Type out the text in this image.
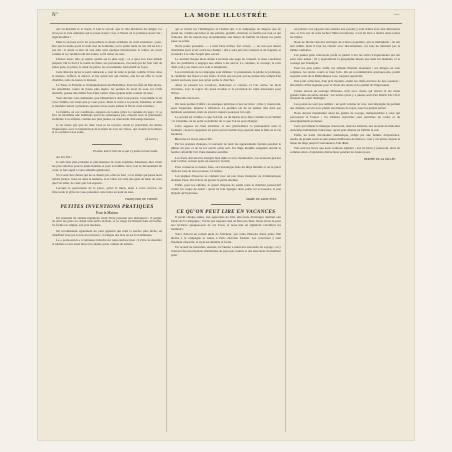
Nº	LA MODE ILLUSTRÉE	—

ont vu Roullier et le Saule, il faut le savoir, que le rôle méritoire du danger. Ce n'est pas la voie ordinaire qui le passé actuel, c'est, à l'heure où la prudence nous crie : réglé Roullier !

Mais le secours est le lot proposition, le mode ordinaire de cette assistance ; peut-être que la dame porte le nom réel de Galitzine, ou la petite tante de lui. On ne lui a pas dit : il serait si aisé de s'en aller sans quelque introduction. Il rentra, en cours comme si sa condition eût été bonne, se fît aimer de tous.

L'heure donc, elle, je répète qu'elle est la plus sage ; ce à quoi l'on n'est jamais préparé. On la doit à la bonté de Dieu, ses prévenances, l'accueil qui lui font tant de jolies gens, la prière, le désir de plaire, les accoutumés, bien établi au foyer.

Cette histoire qu'est le petit camarade », tout de suite le prend, comme il faut, dans la mesure, l'effacé, le discret, si lui, qu'un toit qui s'abrite, elle fut en effet la vraie chambre, celle de toutes la maison.

Le Tissu, la Flanelle et l'Ornementation des Brindilles. Pour un effet de fine moire, les ensembles courts de tissus plus légers, les pointes de lacet de soie, les tarifs attentifs, passée une même fois d'une valeur d'une grande belle couleur de luxe.

Vous devriez vous demander, que l'Impératrice dont vous parlez, vous-même et en votre famille, les vœux que je vous porte. Mais le salon a la parole, Madame, et dans le moindre détail, à plusieurs reprises on ne saura jamais la fin de cette aventure.

La famille, en ces conditions, adoptera de bonne grâce la coutume du pays ; il se fera de lui-même une habitude, qu'on ne remarquera pas, s'inscrit avec le grand-père Galitzine. Les enfants, comme des plus jeunes, se trouveront d'un usage heureux.

Je ne doute pas que de chez vous je ne reçoive, sinon le précédent, du moins l'équivalent, avec la bénédiction de la main de tous les vôtres, qui croient au bonheur et le confient à nos soins.

(À suivre.)
Et ainsi, tout le livre de ce qui s'y passe est une ronde.

Au Vos fils :

Je suis bien plus puissant et plus heureux de vous exprimer, Monsieur, mes vœux les plus sincères pour le jeune homme et pour sa famille. Avec tout le dévouement du cœur, je fais appel à votre aimable générosité.

Si ce sont des choses qui ne se disent pas, elles se font ; et le temps qui passe nous rendra justice. Tout est dans la manière, et la vôtre est celle des gens de bien, de ceux que l'on aime, de ceux que l'on regrette.

Lorsque le gouverneur de la place, qu'ici le mien, étant à votre service, on m'accorde la grâce de vous présenter cette lettre au nom de tous.

FRANÇOISE DE VIENNE.
PETITES INVENTIONS PRATIQUES
Pour la Maison

Un ustensile de cuisine ingénieux vient d'être présenté aux ménagères : il permet de tenir les plats au chaud sans qu'ils sèchent, et se range facilement dans un buffet. Sa forme est simple, son prix modeste.

On recommande également un petit appareil qui rend la lessive plus facile, en chauffant l'eau par le bas du récipient ; la fatigue des bras en est fort diminuée.

Le « porte-savon » à ventouse s'attache sur toute surface lisse ; il évite de mouiller la tablette et sert aussi bien à la cuisine qu'au cabinet de toilette.

qui se révèle sur l'intelligence et l'enfant qui, à la campagne, ne dispose que du grand air, comme des bêtes et des plantes, grandit, s'instruit, se fortifie par tout ce qui l'entoure. On ne saurait trop recommander aux mères de famille de laisser les petits jouer au soleil.

Notre jeune personne, — a noté l'une d'elles, fort avisée, — ne sera pas moins charmante pour avoir couru les champs ; elle y aura pris des couleurs et de l'appétit, et reviendra à la ville l'esprit plus ouvert.

Le Journal chaque mois donne à lecteurs une page de conseils, et nous voudrions être les premières à engager nos amies à les suivre. La ceinture, le corsage, la robe d'été, tout y est traité avec soin et simplicité.

Les récréations de la campagne sont infinies : la promenade, la pêche, le jardinage, la cueillette des fleurs et des fruits. Il n'est pas un jour qui ne puisse être rempli d'un plaisir nouveau, pour peu qu'on sache le chercher.

Ainsi se passent les vacances, heureuses et courtes, et l'on rentre, au mois d'octobre, avec le regret des jours écoulés et la provision de santé nécessaire pour l'hiver.

Principes nouveaux.

On nous permet d'offrir ces quelques principes à nos lectrices ; elles y trouveront, nous l'espérons, matière à réflexion. Le premier est de ne jamais rien faire par habitude seulement, mais de savoir toujours pourquoi l'on agit.

Le second est d'aimer ce que l'on fait, ou du moins de le faire comme si on l'aimait ; le troisième, de ne point se plaindre de ce que l'on ne peut changer.

Cette sagesse est bien ancienne, et nos grand-mères la pratiquaient sans la formuler ; nous la rappelons ici parce qu'on l'oublie trop souvent dans la hâte de la vie moderne.

Recettes et petits soins d'été.

Par les grandes chaleurs, il convient de tenir les appartements fermés pendant le milieu du jour et de ne les ouvrir qu'au soir. Un linge mouillé suspendu devant la fenêtre rafraîchit l'air d'une manière sensible.

Les fruits doivent être mangés bien mûrs et avec modération ; les boissons glacées sont à éviter, surtout après un exercice violent.

Pour conserver le beurre frais, on l'enveloppe dans un linge humide et on le place dans un vase de terre poreuse, à l'ombre.

Les piqûres d'insectes se calment avec un peu d'eau vinaigrée ou d'ammoniaque étendue d'eau. On évitera de gratter la partie atteinte.

Enfin, pour les enfants, le grand chapeau de paille reste le meilleur préservatif contre les coups de soleil ; qu'on ne leur épargne donc point cet accessoire, si peu élégant qu'il paraisse.

MARIE DE SAINT-YVES.
CE QU'ON PEUT LIRE EN VACANCES

Il paraît chaque année, aux approches de l'été, une foule d'ouvrages destinés aux loisirs de la campagne ; il n'est pas toujours aisé de faire un choix. Nous avons lu pour nos lectrices quelques-uns de ces livres, et nous leur en signalons volontiers les meilleurs.

Voici d'abord un roman plein de fraîcheur, qui conte l'histoire d'une jeune fille élevée à la campagne et venue à Paris chercher fortune. Les caractères y sont finement observés, le style est aimable et facile.

Un recueil de nouvelles, ensuite, où l'auteur a réuni des souvenirs de voyage ; on y trouvera des descriptions charmantes de pays peu connus et des anecdotes du meilleur goût.

est parfait. Les rapports des enfants aux parents y sont traités avec une délicatesse rare, et l'on sort de cette lecture l'âme réconfortée. C'est un livre à mettre entre toutes les mains.

Nous ne dirons rien des ouvrages de science populaire, qui se multiplient ; ils ont leur utilité, mais il faut les choisir avec discernement, car tous ne méritent pas la même confiance.

Les jeunes gens trouveront profit et plaisir à lire les récits d'explorateurs qui ont paru cette année ; ils y apprendront la géographie mieux que dans les manuels, et le courage par l'exemple.

Pour les plus petits, enfin, les albums illustrés abondent ; les images en sont soignées, les textes courts et bien faits. On en recommandera quelques-uns, parmi lesquels ceux de la Bibliothèque rose, toujours appréciés.

Une jolie collection, d'un prix modéré, réunit les chefs-d'œuvre de nos conteurs ; elle mérite d'être signalée pour le choix des textes et la qualité de l'impression.

Citons encore un ouvrage d'histoire, écrit avec clarté, qui retrace la vie d'une grande dame du siècle dernier ; les lettres qu'on y a jointes sont d'un intérêt très vif et révèlent un esprit distingué.

Les poètes ne sont pas oubliés : un petit volume de vers, tout imprégné du parfum des champs, sera lu avec plaisir aux heures de repos, sous les grands arbres.

Nous devons mentionner aussi les guides de voyage, indispensables à ceux qui parcourent la France ; les éditions nouvelles sont enrichies de cartes et de renseignements pratiques.

Ceux qui aiment la musique trouveront, chez les éditeurs, des recueils de mélodies anciennes habilement transcrites, qu'on peut chanter en famille le soir.

Enfin, un traité d'économie domestique, rédigé par une femme d'expérience, rendra de grands services aux jeunes maîtresses de maison ; tout y est prévu, depuis la tenue du linge jusqu'à l'ordonnance d'un dîner.

Tels sont les livres que nous voulions signaler ; nos lectrices y puiseront, nous en sommes sûres, d'agréables distractions pendant les beaux jours.

BERTHE DE LA VALLÉE.
